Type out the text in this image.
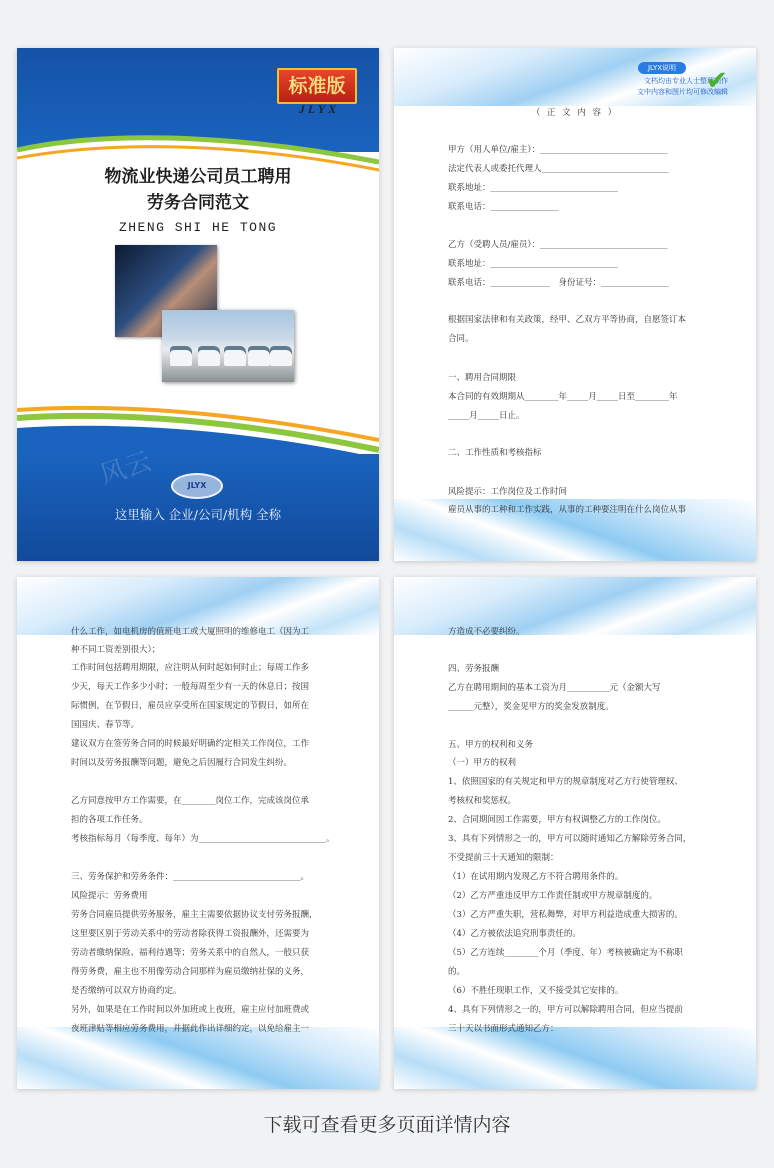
标准版
JLYX
物流业快递公司员工聘用
劳务合同范文
ZHENG SHI HE TONG
风云	JLYX
这里输入 企业/公司/机构 全称
JLYX说明
文档均由专业人士整理制作
文中内容和图片均可修改编辑
✔
（ 正 文 内 容 ）
甲方（用人单位/雇主）：______________________________
法定代表人或委托代理人______________________________
联系地址：______________________________
联系电话：________________
乙方（受聘人员/雇员）：______________________________
联系地址：______________________________
联系电话：______________　身份证号：________________
根据国家法律和有关政策，经甲、乙双方平等协商，自愿签订本
合同。
一、聘用合同期限
本合同的有效期期从________年_____月_____日至________年
_____月_____日止。
二、工作性质和考核指标
风险提示：工作岗位及工作时间
雇员从事的工种和工作实践，从事的工种要注明在什么岗位从事
什么工作，如电机房的值班电工或大厦照明的维修电工（因为工
种不同工资差别很大）；
工作时间包括聘用期限，应注明从何时起如何时止；每周工作多
少天，每天工作多少小时；一般每周至少有一天的休息日；按国
际惯例，在节假日，雇员应享受所在国家规定的节假日，如所在
国国庆、春节等。
建议双方在签劳务合同的时候最好明确约定相关工作岗位，工作
时间以及劳务报酬等问题，避免之后因履行合同发生纠纷。
乙方同意按甲方工作需要，在________岗位工作，完成该岗位承
担的各项工作任务。
考核指标每月（每季度、每年）为______________________________。
三、劳务保护和劳务条件：______________________________。
风险提示：劳务费用
劳务合同雇员提供劳务服务，雇主主需要依据协议支付劳务报酬，
这里要区别于劳动关系中的劳动者除获得工资报酬外，还需要为
劳动者缴纳保险、福利待遇等；劳务关系中的自然人，一般只获
得劳务费，雇主也不用像劳动合同那样为雇员缴纳社保的义务，
是否缴纳可以双方协商约定。
另外，如果是在工作时间以外加班或上夜班，雇主应付加班费或
夜班津贴等相应劳务费用，并据此作出详细约定，以免给雇主一
方造成不必要纠纷。
四、劳务报酬
乙方在聘用期间的基本工资为月__________元（金额大写
______元整），奖金见甲方的奖金发放制度。
五、甲方的权利和义务
（一）甲方的权利
1、依照国家的有关规定和甲方的规章制度对乙方行使管理权、
考核权和奖惩权。
2、合同期间因工作需要，甲方有权调整乙方的工作岗位。
3、具有下列情形之一的，甲方可以随时通知乙方解除劳务合同，
不受提前三十天通知的限制：
（1）在试用期内发现乙方不符合聘用条件的。
（2）乙方严重违反甲方工作责任制或甲方规章制度的。
（3）乙方严重失职，营私舞弊，对甲方利益造成重大损害的。
（4）乙方被依法追究刑事责任的。
（5）乙方连续________个月（季度、年）考核被确定为不称职
的。
（6）不胜任现职工作，又不接受其它安排的。
4、具有下列情形之一的，甲方可以解除聘用合同，但应当提前
三十天以书面形式通知乙方：
下载可查看更多页面详情内容
